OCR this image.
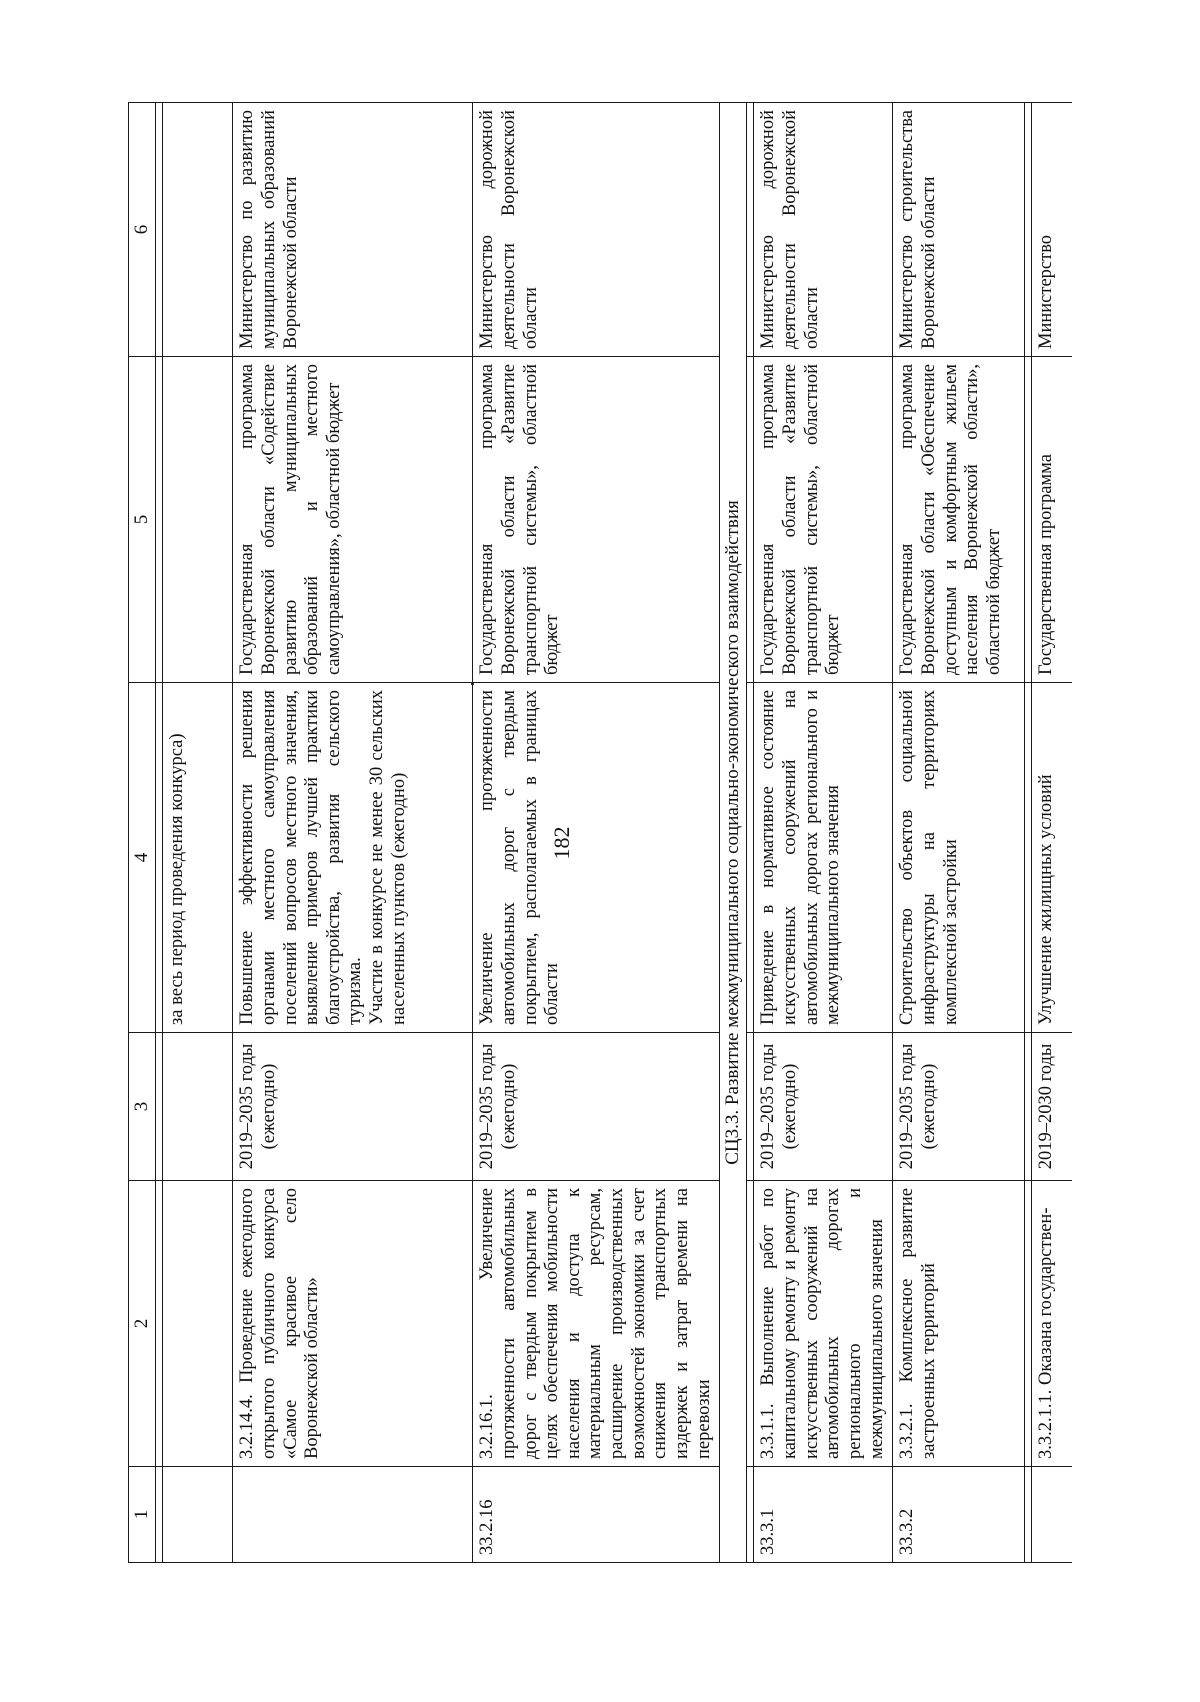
182
1	2	3	4	5	6

			за весь период проведения конкурса)		
	3.2.14.4. Проведение ежегодного открытого публичного конкурса «Самое красивое село Воронежской области»	2019–2035 годы (ежегодно)	Повышение эффективности решения органами местного самоуправления поселений вопросов местного значения, выявление примеров лучшей практики благоустройства, развития сельского туризма. Участие в конкурсе не менее 30 сельских населенных пунктов (ежегодно)	Государственная программа Воронежской области «Содействие развитию муниципальных образований и местного самоуправления», областной бюджет	Министерство по развитию муниципальных образований Воронежской области
33.2.16	3.2.16.1. Увеличение протяженности автомобильных дорог с твердым покрытием в целях обеспечения мобильности населения и доступа к материальным ресурсам, расширение производственных возможностей экономики за счет снижения транспортных издержек и затрат времени на перевозки	2019–2035 годы (ежегодно)	Увеличение протяженности автомобильных дорог с твердым покрытием, располагаемых в границах области	Государственная программа Воронежской области «Развитие транспортной системы», областной бюджет	Министерство дорожной деятельности Воронежской области
СЦ3.3. Развитие межмуниципального социально-экономического взаимодействия					

33.3.1	3.3.1.1. Выполнение работ по капитальному ремонту и ремонту искусственных сооружений на автомобильных дорогах регионального и межмуниципального значения	2019–2035 годы (ежегодно)	Приведение в нормативное состояние искусственных сооружений на автомобильных дорогах регионального и межмуниципального значения	Государственная программа Воронежской области «Развитие транспортной системы», областной бюджет	Министерство дорожной деятельности Воронежской области
33.3.2	3.3.2.1. Комплексное развитие застроенных территорий	2019–2035 годы (ежегодно)	Строительство объектов социальной инфраструктуры на территориях комплексной застройки	Государственная программа Воронежской области «Обеспечение доступным и комфортным жильем населения Воронежской области», областной бюджет	Министерство строительства Воронежской области

	3.3.2.1.1. Оказана государствен-	2019–2030 годы	Улучшение жилищных условий	Государственная программа	Министерство
